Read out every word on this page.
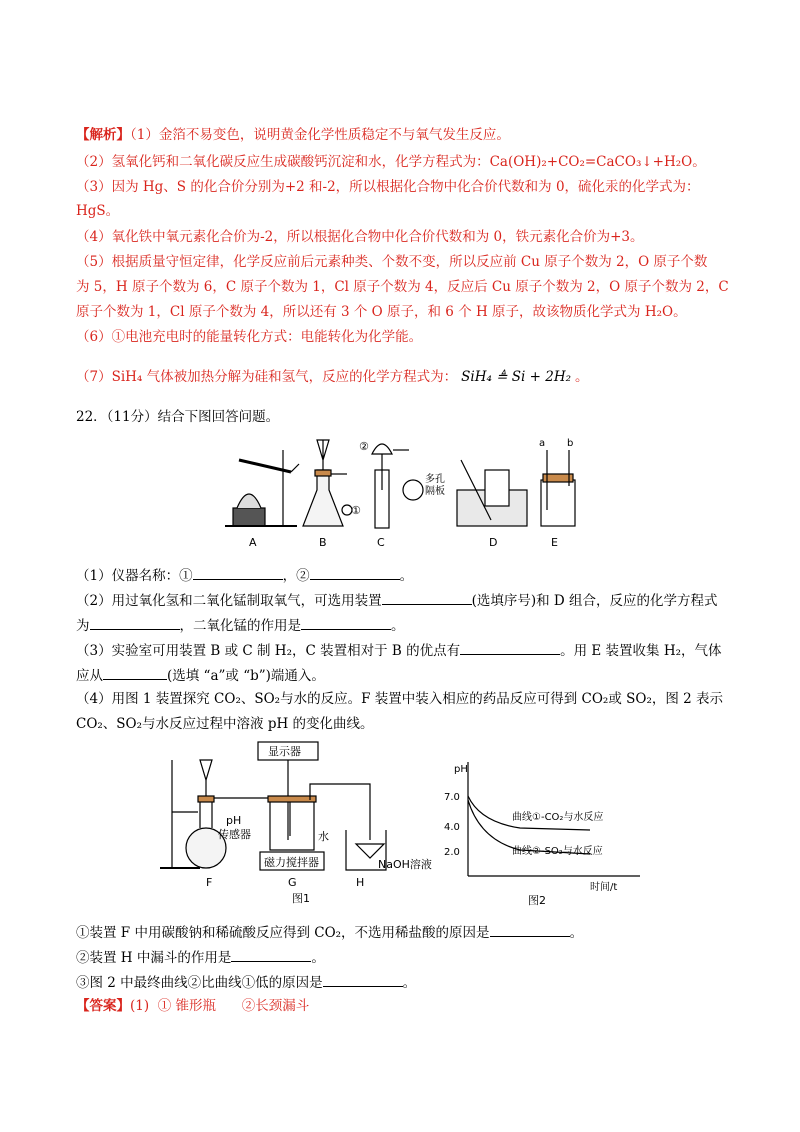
【解析】（1）金箔不易变色，说明黄金化学性质稳定不与氧气发生反应。
（2）氢氧化钙和二氧化碳反应生成碳酸钙沉淀和水，化学方程式为：Ca(OH)₂+CO₂=CaCO₃↓+H₂O。
（3）因为 Hg、S 的化合价分别为+2 和-2，所以根据化合物中化合价代数和为 0，硫化汞的化学式为：
HgS。
（4）氧化铁中氧元素化合价为-2，所以根据化合物中化合价代数和为 0，铁元素化合价为+3。
（5）根据质量守恒定律，化学反应前后元素种类、个数不变，所以反应前 Cu 原子个数为 2，O 原子个数
为 5，H 原子个数为 6，C 原子个数为 1，Cl 原子个数为 4，反应后 Cu 原子个数为 2，O 原子个数为 2，C
原子个数为 1，Cl 原子个数为 4，所以还有 3 个 O 原子，和 6 个 H 原子，故该物质化学式为 H₂O。
（6）①电池充电时的能量转化方式：电能转化为化学能。
（7）SiH₄ 气体被加热分解为硅和氢气，反应的化学方程式为： SiH₄ ≜ Si + 2H₂ 。
22．（11分）结合下图回答问题。
A	B	C	D	E
①
②
多孔
隔板
a b
（1）仪器名称：①	，②	。
（2）用过氧化氢和二氧化锰制取氧气，可选用装置	(选填序号)和 D 组合，反应的化学方程式
为	，二氧化锰的作用是	。
（3）实验室可用装置 B 或 C 制 H₂，C 装置相对于 B 的优点有	。用 E 装置收集 H₂，气体
应从	(选填 “a”或 “b”)端通入。
（4）用图 1 装置探究 CO₂、SO₂与水的反应。F 装置中装入相应的药品反应可得到 CO₂或 SO₂，图 2 表示
CO₂、SO₂与水反应过程中溶液 pH 的变化曲线。
显示器
pH
传感器	水
磁力搅拌器	NaOH溶液
F	G	H
图1
pH
7.0
4.0
2.0
曲线①-CO₂与水反应
曲线②-SO₂与水反应
时间/t
图2
①装置 F 中用碳酸钠和稀硫酸反应得到 CO₂，不选用稀盐酸的原因是	。
②装置 H 中漏斗的作用是	。
③图 2 中最终曲线②比曲线①低的原因是	。
【答案】(1)  ① 锥形瓶      ②长颈漏斗
